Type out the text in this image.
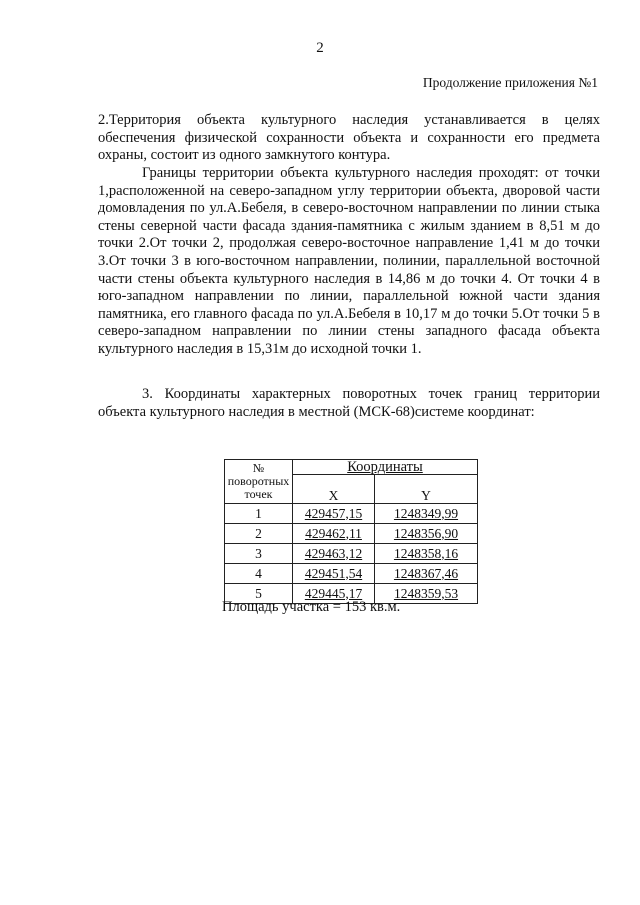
2
Продолжение приложения №1

2.Территория объекта культурного наследия устанавливается в целях обеспечения физической сохранности объекта и сохранности его предмета охраны, состоит из одного замкнутого контура.

Границы территории объекта культурного наследия проходят: от точки 1,расположенной на северо-западном углу территории объекта, дворовой части домовладения по ул.А.Бебеля, в северо-восточном направлении по линии стыка стены северной части фасада здания-памятника с жилым зданием в 8,51 м до точки 2.От точки 2, продолжая северо-восточное направление 1,41 м до точки 3.От точки 3 в юго-восточном направлении, полинии, параллельной восточной части стены объекта культурного наследия в 14,86 м до точки 4. От точки 4 в юго-западном направлении по линии, параллельной южной части здания памятника, его главного фасада по ул.А.Бебеля в 10,17 м до точки 5.От точки 5 в северо-западном направлении по линии стены западного фасада объекта культурного наследия в 15,31м до исходной точки 1.

3. Координаты характерных поворотных точек границ территории объекта культурного наследия в местной (МСК-68)системе координат:

№
поворотных
точек	Координаты	
	X	Y
1	429457,15	1248349,99
2	429462,11	1248356,90
3	429463,12	1248358,16
4	429451,54	1248367,46
5	429445,17	1248359,53
Площадь участка = 153 кв.м.
